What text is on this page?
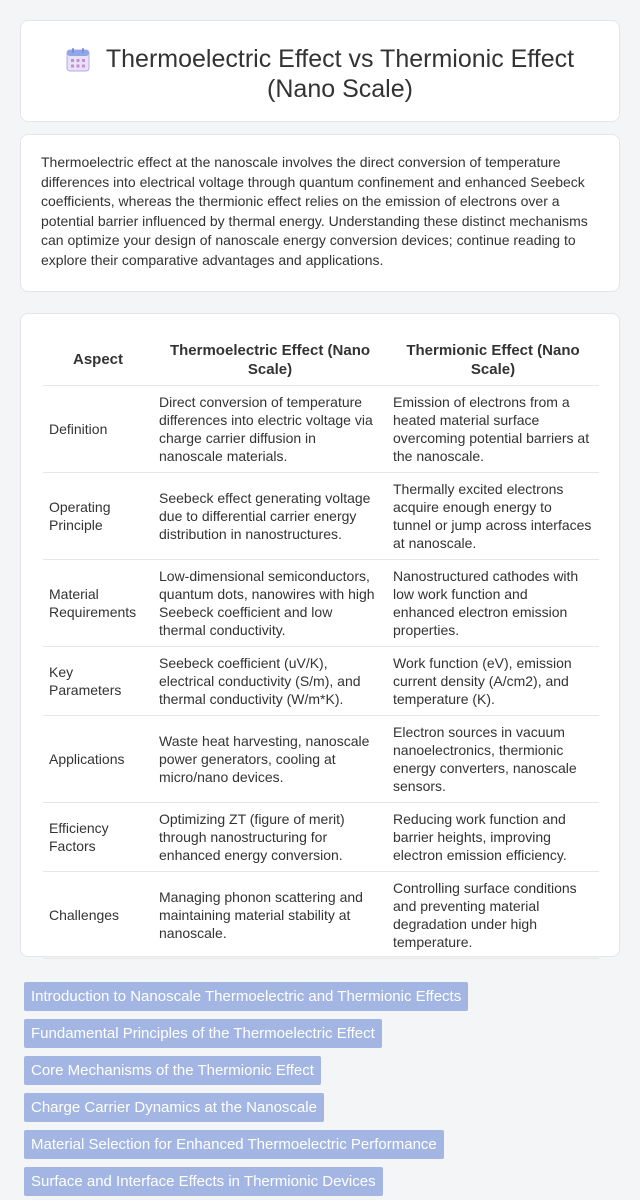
Thermoelectric Effect vs Thermionic Effect (Nano Scale)

Thermoelectric effect at the nanoscale involves the direct conversion of temperature differences into electrical voltage through quantum confinement and enhanced Seebeck coefficients, whereas the thermionic effect relies on the emission of electrons over a potential barrier influenced by thermal energy. Understanding these distinct mechanisms can optimize your design of nanoscale energy conversion devices; continue reading to explore their comparative advantages and applications.

Aspect	Thermoelectric Effect (Nano Scale)	Thermionic Effect (Nano Scale)
Definition	Direct conversion of temperature differences into electric voltage via charge carrier diffusion in nanoscale materials.	Emission of electrons from a heated material surface overcoming potential barriers at the nanoscale.
Operating Principle	Seebeck effect generating voltage due to differential carrier energy distribution in nanostructures.	Thermally excited electrons acquire enough energy to tunnel or jump across interfaces at nanoscale.
Material Requirements	Low-dimensional semiconductors, quantum dots, nanowires with high Seebeck coefficient and low thermal conductivity.	Nanostructured cathodes with low work function and enhanced electron emission properties.
Key Parameters	Seebeck coefficient (uV/K), electrical conductivity (S/m), and thermal conductivity (W/m*K).	Work function (eV), emission current density (A/cm2), and temperature (K).
Applications	Waste heat harvesting, nanoscale power generators, cooling at micro/nano devices.	Electron sources in vacuum nanoelectronics, thermionic energy converters, nanoscale sensors.
Efficiency Factors	Optimizing ZT (figure of merit) through nanostructuring for enhanced energy conversion.	Reducing work function and barrier heights, improving electron emission efficiency.
Challenges	Managing phonon scattering and maintaining material stability at nanoscale.	Controlling surface conditions and preventing material degradation under high temperature.
Introduction to Nanoscale Thermoelectric and Thermionic Effects
Fundamental Principles of the Thermoelectric Effect
Core Mechanisms of the Thermionic Effect
Charge Carrier Dynamics at the Nanoscale
Material Selection for Enhanced Thermoelectric Performance
Surface and Interface Effects in Thermionic Devices
